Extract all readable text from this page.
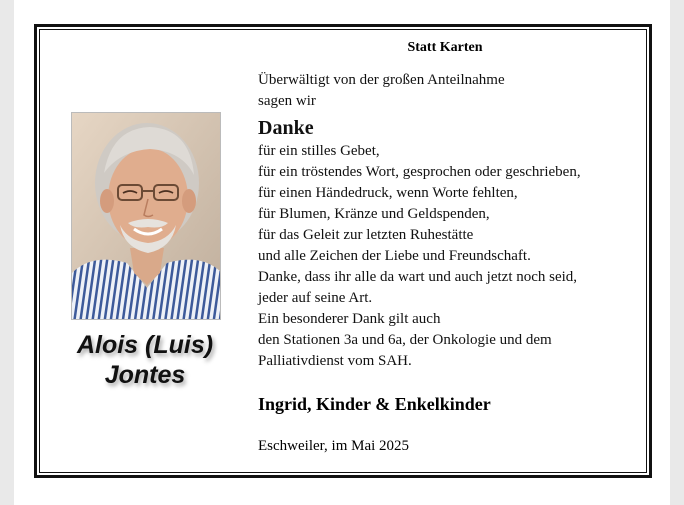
Statt Karten
Alois (Luis)
Jontes
Überwältigt von der großen Anteilnahme
sagen wir
Danke
für ein stilles Gebet,
für ein tröstendes Wort, gesprochen oder geschrieben,
für einen Händedruck, wenn Worte fehlten,
für Blumen, Kränze und Geldspenden,
für das Geleit zur letzten Ruhestätte
und alle Zeichen der Liebe und Freundschaft.
Danke, dass ihr alle da wart und auch jetzt noch seid,
jeder auf seine Art.
Ein besonderer Dank gilt auch
den Stationen 3a und 6a, der Onkologie und dem
Palliativdienst vom SAH.
Ingrid, Kinder & Enkelkinder
Eschweiler, im Mai 2025
